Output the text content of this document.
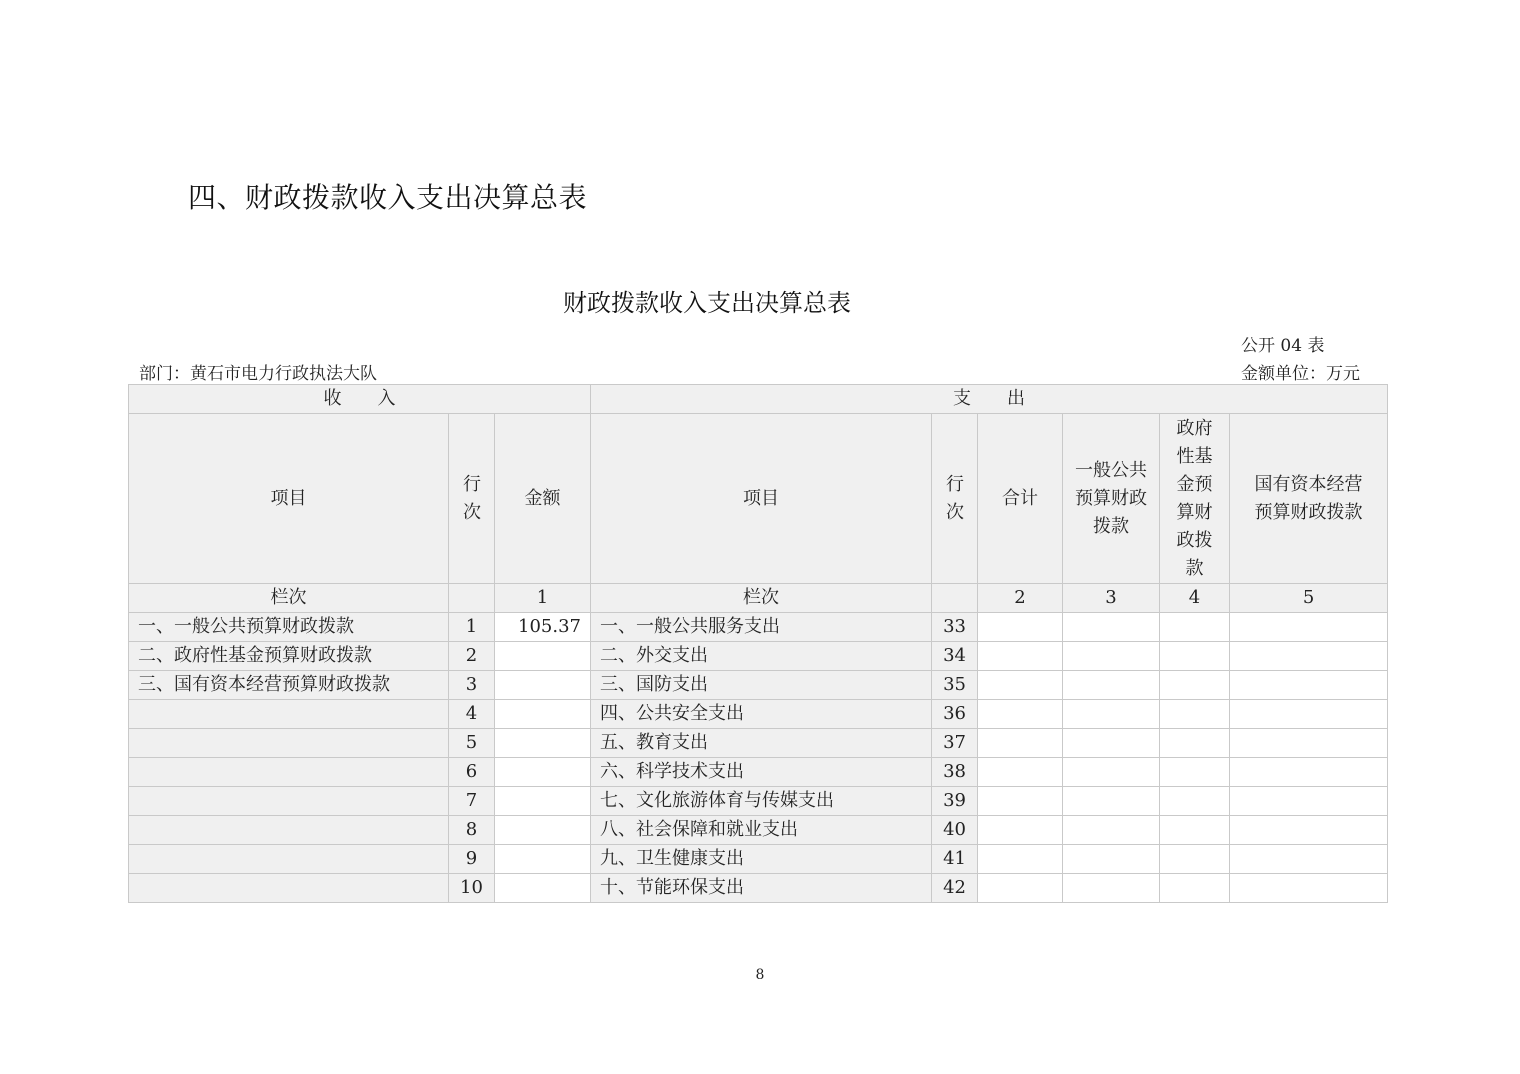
四、财政拨款收入支出决算总表
财政拨款收入支出决算总表
公开 04 表
部门：黄石市电力行政执法大队	金额单位：万元
收　　入			支　　出					
项目	行次	金额	项目	行次	合计	一般公共预算财政拨款	政府性基金预算财政拨款	国有资本经营预算财政拨款
栏次		1	栏次		2	3	4	5
一、一般公共预算财政拨款	1	105.37	一、一般公共服务支出	33				
二、政府性基金预算财政拨款	2		二、外交支出	34				
三、国有资本经营预算财政拨款	3		三、国防支出	35				
	4		四、公共安全支出	36				
	5		五、教育支出	37				
	6		六、科学技术支出	38				
	7		七、文化旅游体育与传媒支出	39				
	8		八、社会保障和就业支出	40				
	9		九、卫生健康支出	41				
	10		十、节能环保支出	42				
8
